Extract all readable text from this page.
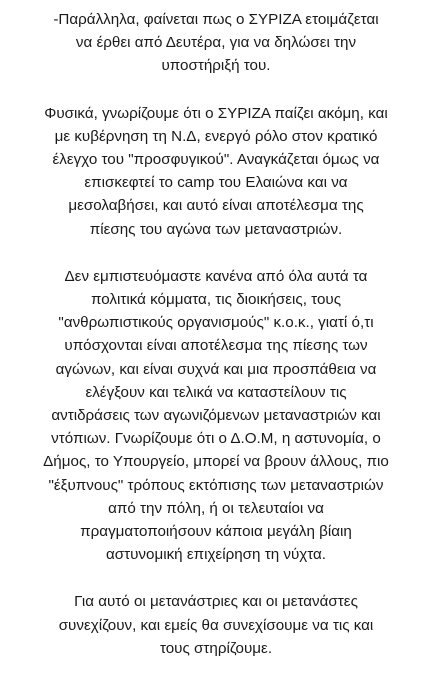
-Παράλληλα, φαίνεται πως ο ΣΥΡΙΖΑ ετοιμάζεται
να έρθει από Δευτέρα, για να δηλώσει την
υποστήριξή του.

Φυσικά, γνωρίζουμε ότι ο ΣΥΡΙΖΑ παίζει ακόμη, και
με κυβέρνηση τη Ν.Δ, ενεργό ρόλο στον κρατικό
έλεγχο του "προσφυγικού". Αναγκάζεται όμως να
επισκεφτεί το camp του Ελαιώνα και να
μεσολαβήσει, και αυτό είναι αποτέλεσμα της
πίεσης του αγώνα των μεταναστριών.

Δεν εμπιστευόμαστε κανένα από όλα αυτά τα
πολιτικά κόμματα, τις διοικήσεις, τους
"ανθρωπιστικούς οργανισμούς" κ.ο.κ., γιατί ό,τι
υπόσχονται είναι αποτέλεσμα της πίεσης των
αγώνων, και είναι συχνά και μια προσπάθεια να
ελέγξουν και τελικά να καταστείλουν τις
αντιδράσεις των αγωνιζόμενων μεταναστριών και
ντόπιων. Γνωρίζουμε ότι ο Δ.Ο.Μ, η αστυνομία, ο
Δήμος, το Υπουργείο, μπορεί να βρουν άλλους, πιο
"έξυπνους" τρόπους εκτόπισης των μεταναστριών
από την πόλη, ή οι τελευταίοι να
πραγματοποιήσουν κάποια μεγάλη βίαιη
αστυνομική επιχείρηση τη νύχτα.

Για αυτό οι μετανάστριες και οι μετανάστες
συνεχίζουν, και εμείς θα συνεχίσουμε να τις και
τους στηρίζουμε.
